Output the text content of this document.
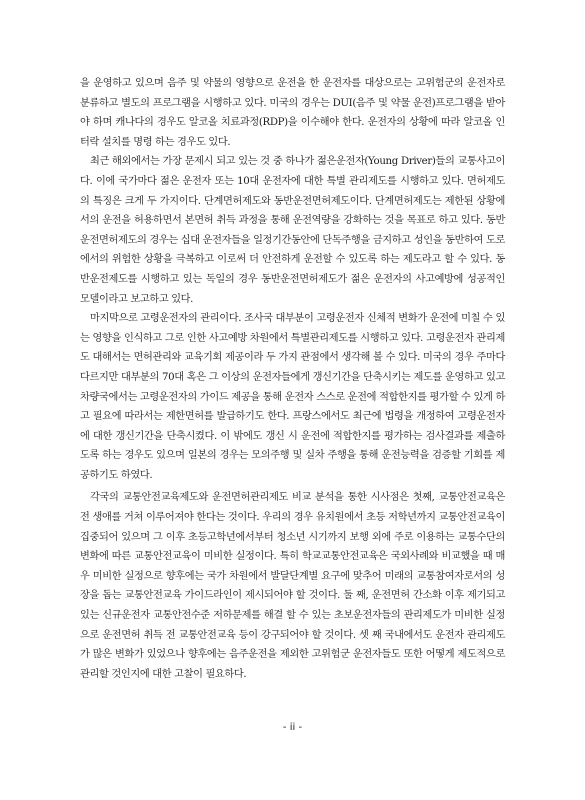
을 운영하고 있으며 음주 및 약물의 영향으로 운전을 한 운전자를 대상으로는 고위험군의 운전자로 분류하고 별도의 프로그램을 시행하고 있다. 미국의 경우는 DUI(음주 및 약물 운전)프로그램을 받아야 하며 캐나다의 경우도 알코올 치료과정(RDP)을 이수해야 한다. 운전자의 상황에 따라 알코올 인터락 설치를 명령 하는 경우도 있다.

최근 해외에서는 가장 문제시 되고 있는 것 중 하나가 젊은운전자(Young Driver)들의 교통사고이다. 이에 국가마다 젊은 운전자 또는 10대 운전자에 대한 특별 관리제도를 시행하고 있다. 면허제도의 특징은 크게 두 가지이다. 단계면허제도와 동반운전면허제도이다. 단계면허제도는 제한된 상황에서의 운전을 허용하면서 본면허 취득 과정을 통해 운전역량을 강화하는 것을 목표로 하고 있다. 동반운전면허제도의 경우는 십대 운전자들을 일정기간동안에 단독주행을 금지하고 성인을 동반하여 도로에서의 위험한 상황을 극복하고 이로써 더 안전하게 운전할 수 있도록 하는 제도라고 할 수 있다. 동반운전제도를 시행하고 있는 독일의 경우 동반운전면허제도가 젊은 운전자의 사고예방에 성공적인 모델이라고 보고하고 있다.

마지막으로 고령운전자의 관리이다. 조사국 대부분이 고령운전자 신체적 변화가 운전에 미칠 수 있는 영향을 인식하고 그로 인한 사고예방 차원에서 특별관리제도를 시행하고 있다. 고령운전자 관리제도 대해서는 면허관리와 교육기회 제공이라 두 가지 관점에서 생각해 볼 수 있다. 미국의 경우 주마다 다르지만 대부분의 70대 혹은 그 이상의 운전자들에게 갱신기간을 단축시키는 제도를 운영하고 있고 차량국에서는 고령운전자의 가이드 제공을 통해 운전자 스스로 운전에 적합한지를 평가할 수 있게 하고 필요에 따라서는 제한면허를 발급하기도 한다. 프랑스에서도 최근에 법령을 개정하여 고령운전자에 대한 갱신기간을 단축시켰다. 이 밖에도 갱신 시 운전에 적합한지를 평가하는 검사결과를 제출하도록 하는 경우도 있으며 일본의 경우는 모의주행 및 실차 주행을 통해 운전능력을 검증할 기회를 제공하기도 하였다.

각국의 교통안전교육제도와 운전면허관리제도 비교 분석을 통한 시사점은 첫째, 교통안전교육은 전 생애를 거쳐 이루어져야 한다는 것이다. 우리의 경우 유치원에서 초등 저학년까지 교통안전교육이 집중되어 있으며 그 이후 초등고학년에서부터 청소년 시기까지 보행 외에 주로 이용하는 교통수단의 변화에 따른 교통안전교육이 미비한 실정이다. 특히 학교교통안전교육은 국외사례와 비교했을 때 매우 미비한 실정으로 향후에는 국가 차원에서 발달단계별 요구에 맞추어 미래의 교통참여자로서의 성장을 돕는 교통안전교육 가이드라인이 제시되어야 할 것이다. 둘 째, 운전면허 간소화 이후 제기되고 있는 신규운전자 교통안전수준 저하문제를 해결 할 수 있는 초보운전자들의 관리제도가 미비한 실정으로 운전면허 취득 전 교통안전교육 등이 강구되어야 할 것이다. 셋 째 국내에서도 운전자 관리제도가 많은 변화가 있었으나 향후에는 음주운전을 제외한 고위험군 운전자들도 또한 어떻게 제도적으로 관리할 것인지에 대한 고찰이 필요하다.

- ii -
